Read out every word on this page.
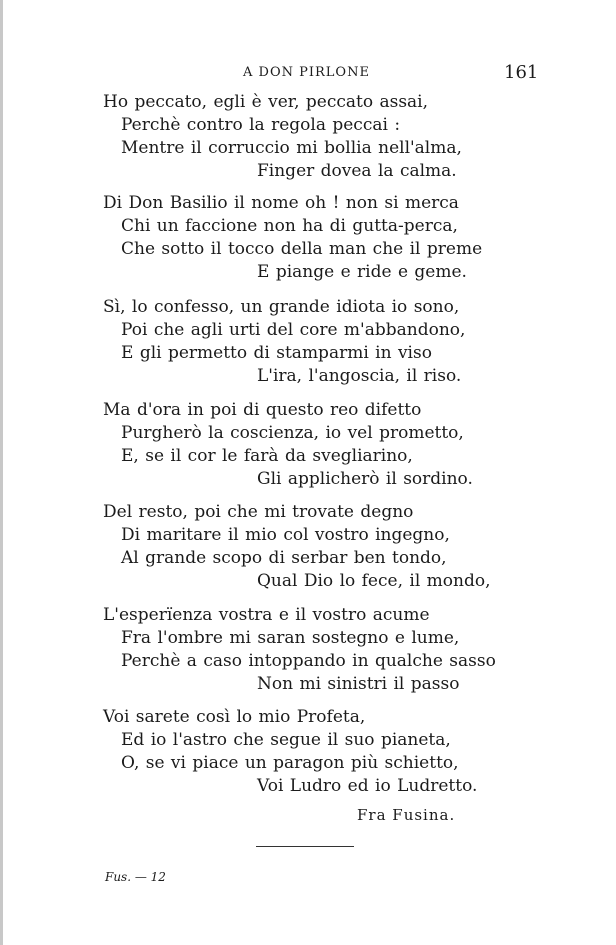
A DON PIRLONE	161
Ho peccato, egli è ver, peccato assai,
Perchè contro la regola peccai :
Mentre il corruccio mi bollia nell'alma,
Finger dovea la calma.
Di Don Basilio il nome oh ! non si merca
Chi un faccione non ha di gutta-perca,
Che sotto il tocco della man che il preme
E piange e ride e geme.
Sì, lo confesso, un grande idiota io sono,
Poi che agli urti del core m'abbandono,
E gli permetto di stamparmi in viso
L'ira, l'angoscia, il riso.
Ma d'ora in poi di questo reo difetto
Purgherò la coscienza, io vel prometto,
E, se il cor le farà da svegliarino,
Gli applicherò il sordino.
Del resto, poi che mi trovate degno
Di maritare il mio col vostro ingegno,
Al grande scopo di serbar ben tondo,
Qual Dio lo fece, il mondo,
L'esperïenza vostra e il vostro acume
Fra l'ombre mi saran sostegno e lume,
Perchè a caso intoppando in qualche sasso
Non mi sinistri il passo
Voi sarete così lo mio Profeta,
Ed io l'astro che segue il suo pianeta,
O, se vi piace un paragon più schietto,
Voi Ludro ed io Ludretto.
Fra Fusina.
Fus. — 12
